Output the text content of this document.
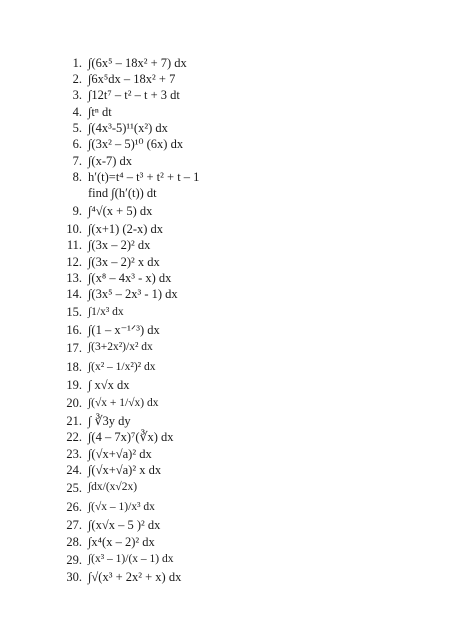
1. ∫(6x⁵ – 18x² + 7) dx
2. ∫6x⁵dx – 18x² + 7
3. ∫12t⁷ – t² – t + 3 dt
4. ∫tⁿ dt
5. ∫(4x³-5)¹¹(x²) dx
6. ∫(3x² – 5)¹⁰ (6x) dx
7. ∫(x-7) dx
8. h′(t)=t⁴ – t³ + t² + t – 1
find ∫(h′(t)) dt
9. ∫⁴√(x + 5) dx
10. ∫(x+1) (2-x) dx
11. ∫(3x – 2)² dx
12. ∫(3x – 2)² x dx
13. ∫(x⁸ – 4x³ - x) dx
14. ∫(3x⁵ – 2x³ - 1) dx
15. ∫1/x³ dx
16. ∫(1 – x⁻¹ᐟ³) dx
17. ∫(3+2x²)/x² dx
18. ∫(x² – 1/x²)² dx
19. ∫ x√x dx
20. ∫(√x + 1/√x) dx
21. ∫ ∛3y dy
22. ∫(4 – 7x)⁷(∛x) dx
23. ∫(√x+√a)² dx
24. ∫(√x+√a)² x dx
25. ∫dx/(x√2x)
26. ∫(√x – 1)/x³ dx
27. ∫(x√x – 5 )² dx
28. ∫x⁴(x – 2)² dx
29. ∫(x³ – 1)/(x – 1) dx
30. ∫√(x³ + 2x² + x) dx
